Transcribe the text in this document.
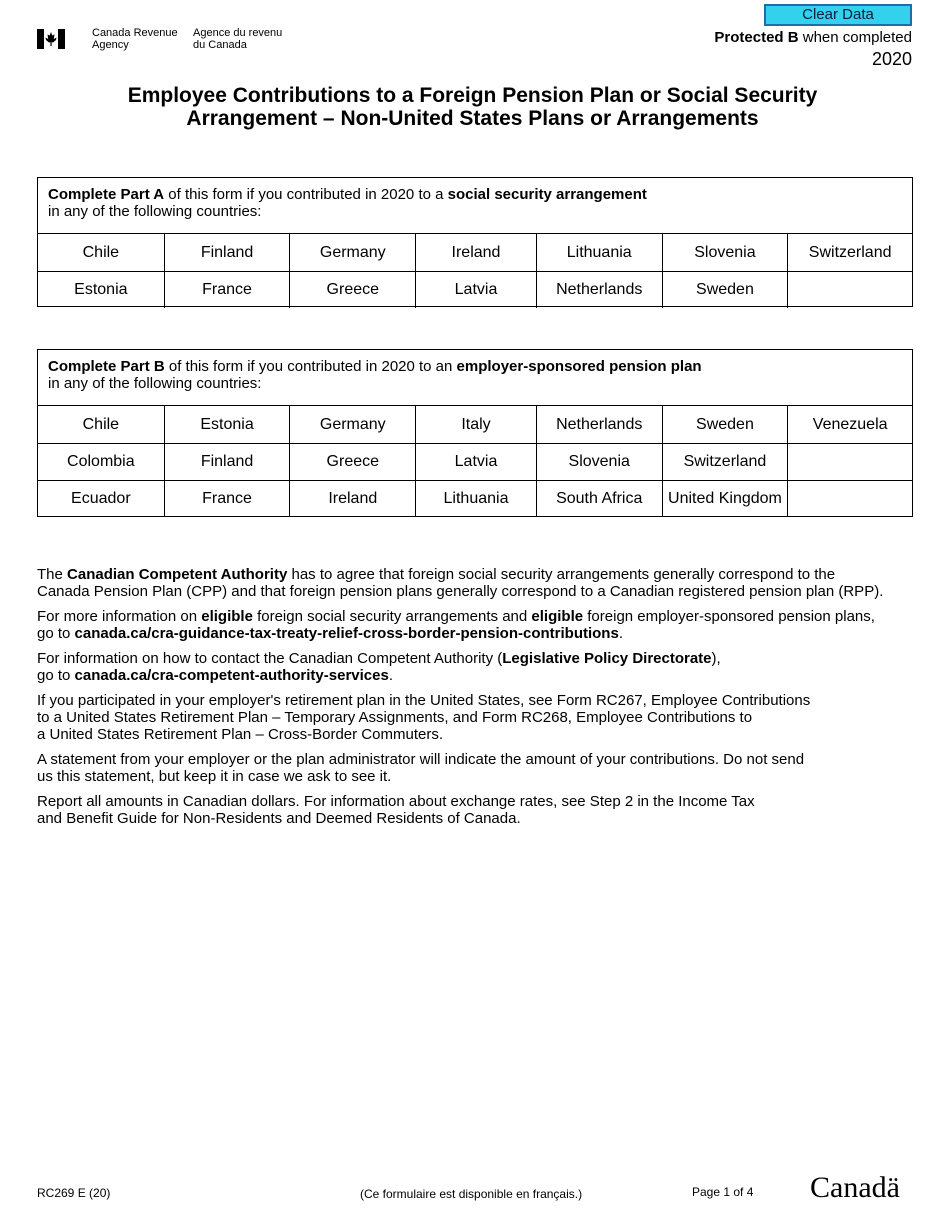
Canada Revenue
Agency
Agence du revenu
du Canada
Clear Data
Protected B when completed
2020
Employee Contributions to a Foreign Pension Plan or Social Security
Arrangement – Non-United States Plans or Arrangements
Complete Part A of this form if you contributed in 2020 to a social security arrangement
in any of the following countries:
Chile	Finland	Germany	Ireland	Lithuania	Slovenia	Switzerland
Estonia	France	Greece	Latvia	Netherlands	Sweden
Complete Part B of this form if you contributed in 2020 to an employer-sponsored pension plan
in any of the following countries:
Chile	Estonia	Germany	Italy	Netherlands	Sweden	Venezuela
Colombia	Finland	Greece	Latvia	Slovenia	Switzerland
Ecuador	France	Ireland	Lithuania	South Africa	United Kingdom

The Canadian Competent Authority has to agree that foreign social security arrangements generally correspond to the
Canada Pension Plan (CPP) and that foreign pension plans generally correspond to a Canadian registered pension plan (RPP).

For more information on eligible foreign social security arrangements and eligible foreign employer-sponsored pension plans,
go to canada.ca/cra-guidance-tax-treaty-relief-cross-border-pension-contributions.

For information on how to contact the Canadian Competent Authority (Legislative Policy Directorate),
go to canada.ca/cra-competent-authority-services.

If you participated in your employer's retirement plan in the United States, see Form RC267, Employee Contributions
to a United States Retirement Plan – Temporary Assignments, and Form RC268, Employee Contributions to
a United States Retirement Plan – Cross-Border Commuters.

A statement from your employer or the plan administrator will indicate the amount of your contributions. Do not send
us this statement, but keep it in case we ask to see it.

Report all amounts in Canadian dollars. For information about exchange rates, see Step 2 in the Income Tax
and Benefit Guide for Non-Residents and Deemed Residents of Canada.

RC269 E (20)	(Ce formulaire est disponible en français.)	Page 1 of 4 Canadä
